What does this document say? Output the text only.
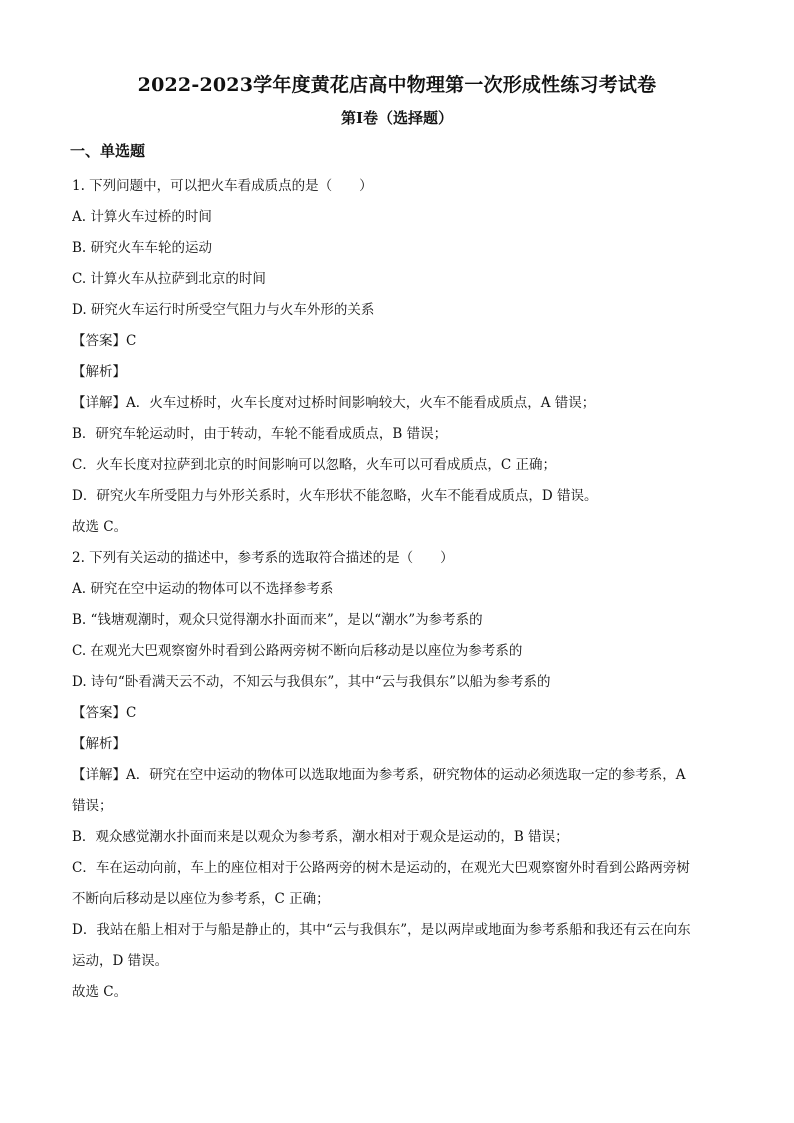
2022-2023学年度黄花店高中物理第一次形成性练习考试卷
第I卷（选择题）
一、单选题
1. 下列问题中，可以把火车看成质点的是（　　）
A. 计算火车过桥的时间
B. 研究火车车轮的运动
C. 计算火车从拉萨到北京的时间
D. 研究火车运行时所受空气阻力与火车外形的关系
【答案】C
【解析】
【详解】A．火车过桥时，火车长度对过桥时间影响较大，火车不能看成质点，A 错误；
B．研究车轮运动时，由于转动，车轮不能看成质点，B 错误；
C．火车长度对拉萨到北京的时间影响可以忽略，火车可以可看成质点，C 正确；
D．研究火车所受阻力与外形关系时，火车形状不能忽略，火车不能看成质点，D 错误。
故选 C。
2. 下列有关运动的描述中，参考系的选取符合描述的是（　　）
A. 研究在空中运动的物体可以不选择参考系
B. “钱塘观潮时，观众只觉得潮水扑面而来”，是以“潮水”为参考系的
C. 在观光大巴观察窗外时看到公路两旁树不断向后移动是以座位为参考系的
D. 诗句“卧看满天云不动，不知云与我俱东”，其中“云与我俱东”以船为参考系的
【答案】C
【解析】
【详解】A．研究在空中运动的物体可以选取地面为参考系，研究物体的运动必须选取一定的参考系，A
错误；
B．观众感觉潮水扑面而来是以观众为参考系，潮水相对于观众是运动的，B 错误；
C．车在运动向前，车上的座位相对于公路两旁的树木是运动的，在观光大巴观察窗外时看到公路两旁树
不断向后移动是以座位为参考系，C 正确；
D．我站在船上相对于与船是静止的，其中“云与我俱东”，是以两岸或地面为参考系船和我还有云在向东
运动，D 错误。
故选 C。
